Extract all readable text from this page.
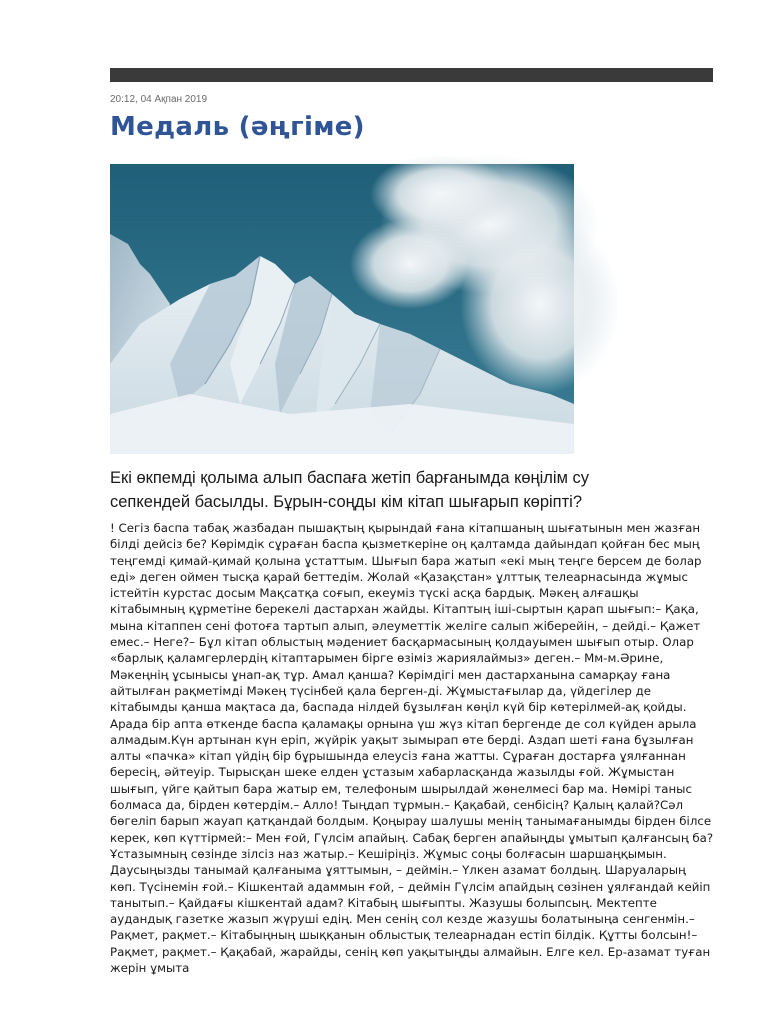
20:12, 04 Ақпан 2019
Медаль (әңгіме)

Екі өкпемді қолыма алып баспаға жетіп барғанымда көңілім су сепкендей басылды. Бұрын-соңды кім кітап шығарып көріпті?

! Сегіз баспа табақ жазбадан пышақтың қырындай ғана кітапшаның шығатынын мен жазған білді дейсіз бе? Көрімдік сұраған баспа қызметкеріне оң қалтамда дайындап қойған бес мың теңгемді қимай-қимай қолына ұстаттым. Шығып бара жатып «екі мың теңге берсем де болар еді» деген оймен тысқа қарай беттедім. Жолай «Қазақстан» ұлттық телеарнасында жұмыс істейтін курстас досым Мақсатқа соғып, екеуміз түскі асқа бардық. Мәкең алғашқы кітабымның құрметіне берекелі дастархан жайды. Кітаптың іші-сыртын қарап шығып:– Қақа, мына кітаппен сені фотоға тартып алып, әлеуметтік желіге салып жіберейін, – дейді.– Қажет емес.– Неге?– Бұл кітап облыстың мәдениет басқармасының қолдауымен шығып отыр. Олар «барлық қаламгерлердің кітаптарымен бірге өзіміз жариялаймыз» деген.– Мм-м.Әрине, Мәкеңнің ұсынысы ұнап-ақ тұр. Амал қанша? Көрімдігі мен дастарханына самарқау ғана айтылған рақметімді Мәкең түсінбей қала берген-ді. Жұмыстағылар да, үйдегілер де кітабымды қанша мақтаса да, баспада нілдей бұзылған көңіл күй бір көтерілмей-ақ қойды. Арада бір апта өткенде баспа қаламақы орнына үш жүз кітап бергенде де сол күйден арыла алмадым.Күн артынан күн еріп, жүйрік уақыт зымырап өте берді. Аздап шеті ғана бұзылған алты «пачка» кітап үйдің бір бұрышында елеусіз ғана жатты. Сұраған достарға ұялғаннан бересің, әйтеуір. Тырысқан шеке елден ұстазым хабарласқанда жазылды ғой. Жұмыстан шығып, үйге қайтып бара жатыр ем, телефоным шырылдай жөнелмесі бар ма. Нөмірі таныс болмаса да, бірден көтердім.– Алло! Тыңдап тұрмын.– Қақабай, сенбісің? Қалың қалай?Сәл бөгеліп барып жауап қатқандай болдым. Қоңырау шалушы менің танымағанымды бірден білсе керек, көп күттірмей:– Мен ғой, Гүлсім апайың. Сабақ берген апайыңды ұмытып қалғансың ба? Ұстазымның сөзінде зілсіз наз жатыр.– Кешіріңіз. Жұмыс соңы болғасын шаршаңқымын. Даусыңызды танымай қалғаныма ұяттымын, – деймін.– Үлкен азамат болдың. Шаруаларың көп. Түсінемін ғой.– Кішкентай адаммын ғой, – деймін Гүлсім апайдың сөзінен ұялғандай кейіп танытып.– Қайдағы кішкентай адам? Кітабың шығыпты. Жазушы болыпсың. Мектепте аудандық газетке жазып жүруші едің. Мен сенің сол кезде жазушы болатыныңа сенгенмін.– Рақмет, рақмет.– Кітабыңның шыққанын облыстық телеарнадан естіп білдік. Құтты болсын!– Рақмет, рақмет.– Қақабай, жарайды, сенің көп уақытыңды алмайын. Елге кел. Ер-азамат туған жерін ұмыта
